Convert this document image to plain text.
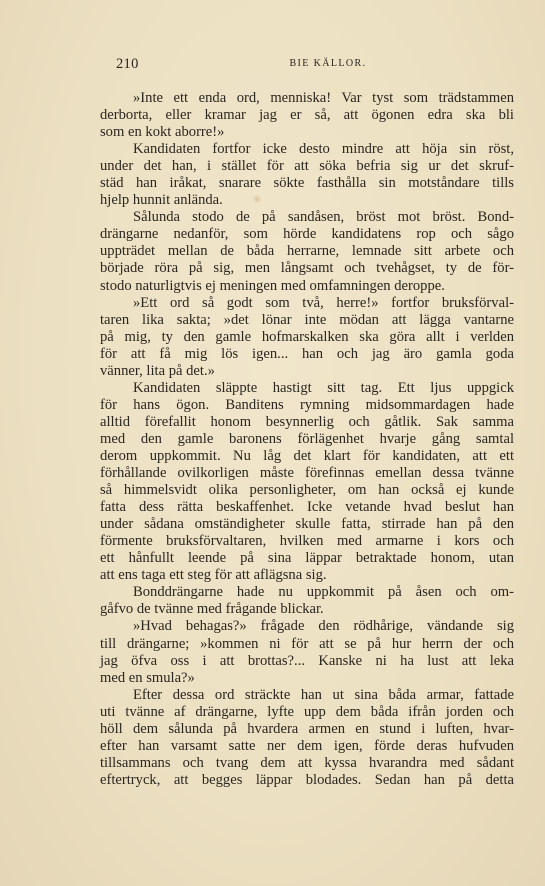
210	BIE KÄLLOR.
»Inte ett enda ord, menniska! Var tyst som trädstammen
derborta, eller kramar jag er så, att ögonen edra ska bli
som en kokt aborre!»
Kandidaten fortfor icke desto mindre att höja sin röst,
under det han, i stället för att söka befria sig ur det skruf-
städ han iråkat, snarare sökte fasthålla sin motståndare tills
hjelp hunnit anlända.
Sålunda stodo de på sandåsen, bröst mot bröst. Bond-
drängarne nedanför, som hörde kandidatens rop och sågo
uppträdet mellan de båda herrarne, lemnade sitt arbete och
började röra på sig, men långsamt och tvehågset, ty de för-
stodo naturligtvis ej meningen med omfamningen deroppe.
»Ett ord så godt som två, herre!» fortfor bruksförval-
taren lika sakta; »det lönar inte mödan att lägga vantarne
på mig, ty den gamle hofmarskalken ska göra allt i verlden
för att få mig lös igen... han och jag äro gamla goda
vänner, lita på det.»
Kandidaten släppte hastigt sitt tag. Ett ljus uppgick
för hans ögon. Banditens rymning midsommardagen hade
alltid förefallit honom besynnerlig och gåtlik. Sak samma
med den gamle baronens förlägenhet hvarje gång samtal
derom uppkommit. Nu låg det klart för kandidaten, att ett
förhållande ovilkorligen måste förefinnas emellan dessa tvänne
så himmelsvidt olika personligheter, om han också ej kunde
fatta dess rätta beskaffenhet. Icke vetande hvad beslut han
under sådana omständigheter skulle fatta, stirrade han på den
förmente bruksförvaltaren, hvilken med armarne i kors och
ett hånfullt leende på sina läppar betraktade honom, utan
att ens taga ett steg för att aflägsna sig.
Bonddrängarne hade nu uppkommit på åsen och om-
gåfvo de tvänne med frågande blickar.
»Hvad behagas?» frågade den rödhårige, vändande sig
till drängarne; »kommen ni för att se på hur herrn der och
jag öfva oss i att brottas?... Kanske ni ha lust att leka
med en smula?»
Efter dessa ord sträckte han ut sina båda armar, fattade
uti tvänne af drängarne, lyfte upp dem båda ifrån jorden och
höll dem sålunda på hvardera armen en stund i luften, hvar-
efter han varsamt satte ner dem igen, förde deras hufvuden
tillsammans och tvang dem att kyssa hvarandra med sådant
eftertryck, att begges läppar blodades. Sedan han på detta
